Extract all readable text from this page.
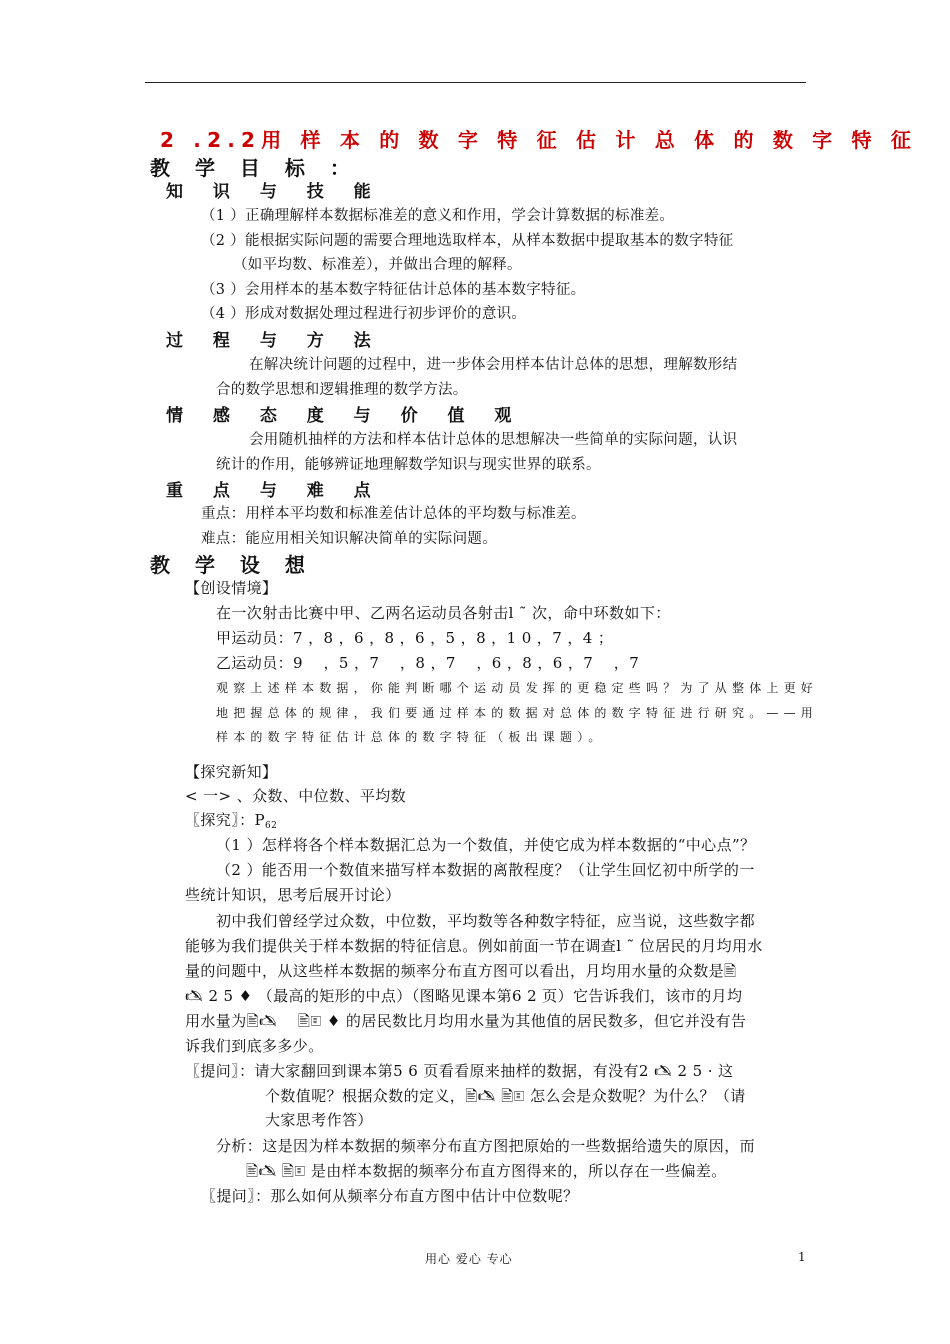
2 .2.2用 样 本 的 数 字 特 征 估 计 总 体 的 数 字 特 征
教 学 目 标 ：
知 识 与 技 能
（1 ）正确理解样本数据标准差的意义和作用，学会计算数据的标准差。
（2 ）能根据实际问题的需要合理地选取样本，从样本数据中提取基本的数字特征
（如平均数、标准差），并做出合理的解释。
（3 ）会用样本的基本数字特征估计总体的基本数字特征。
（4 ）形成对数据处理过程进行初步评价的意识。
过 程 与 方 法
在解决统计问题的过程中，进一步体会用样本估计总体的思想，理解数形结
合的数学思想和逻辑推理的数学方法。
情 感 态 度 与 价 值 观
会用随机抽样的方法和样本估计总体的思想解决一些简单的实际问题，认识
统计的作用，能够辨证地理解数学知识与现实世界的联系。
重 点 与 难 点
重点：用样本平均数和标准差估计总体的平均数与标准差。
难点：能应用相关知识解决简单的实际问题。
教 学 设 想
【创设情境】
在一次射击比赛中甲、乙两名运动员各射击l ˜ 次，命中环数如下：
甲运动员：7 ，8 ，6 ，8 ，6 ，5 ，8 ，1 0 ，7 ，4 ；
乙运动员：9 　，5 ，7 　，8 ，7 　，6 ，8 ，6 ，7 　，7
观察上述样本数据，你能判断哪个运动员发挥的更稳定些吗？为了从整体上更好
地把握总体的规律，我们要通过样本的数据对总体的数字特征进行研究。——用
样本的数字特征估计总体的数字特征（板出课题）。
【探究新知】
< 一> 、众数、中位数、平均数
〖探究〗：$P_{62}$
（1 ）怎样将各个样本数据汇总为一个数值，并使它成为样本数据的“中心点”？
（2 ）能否用一个数值来描写样本数据的离散程度？（让学生回忆初中所学的一
些统计知识，思考后展开讨论）
初中我们曾经学过众数，中位数，平均数等各种数字特征，应当说，这些数字都
能够为我们提供关于样本数据的特征信息。例如前面一节在调查l ˜ 位居民的月均用水
量的问题中，从这些样本数据的频率分布直方图可以看出，月均用水量的众数是🖹
🖎 2 5 ♦ （最高的矩形的中点）（图略见课本第6 2 页）它告诉我们，该市的月均
用水量为🖹🖎 　🖹🗉 ♦ 的居民数比月均用水量为其他值的居民数多，但它并没有告
诉我们到底多多少。
〖提问〗：请大家翻回到课本第5 6 页看看原来抽样的数据，有没有2 🖎 2 5 · 这
个数值呢？根据众数的定义，🖹🖎 🖹🗉 怎么会是众数呢？为什么？（请
大家思考作答）
分析：这是因为样本数据的频率分布直方图把原始的一些数据给遗失的原因，而
🖹🖎 🖹🗉 是由样本数据的频率分布直方图得来的，所以存在一些偏差。
〖提问〗：那么如何从频率分布直方图中估计中位数呢？
用心 爱心 专心	1
